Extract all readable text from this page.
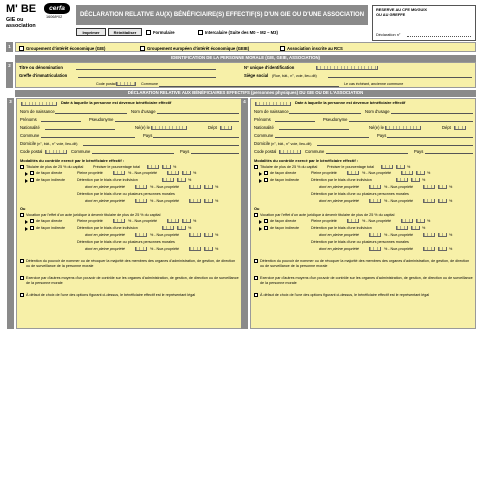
M' BE
GIE ou
association
cerfa
16068*02	DÉCLARATION RELATIVE AU(X) BÉNÉFICIAIRE(S) EFFECTIF(S) D'UN GIE OU D'UNE ASSOCIATION
RESERVE AU CFE M0/GUIX
OU AU GREFFE
Déclaration n°
Imprimer	Réinitialiser	Formulaire	Intercalaire (Suite des M0 – M2 – M3)
1	Groupement d'intérêt économique (GIE)	Groupement européen d'intérêt économique (GEIE)	Association inscrite au RCS
IDENTIFICATION DE LA PERSONNE MORALE (GIE, GEIE, ASSOCIATION)
2	Titre ou dénomination	N° unique d'identification
Greffe d'immatriculation	Siège social (Rue, bât., n°, voie, lieu-dit)
Code postal	Commune	Le cas échéant, ancienne commune
DÉCLARATION RELATIVE AUX BÉNÉFICIAIRES EFFECTIFS (personnes physiques) DU GIE OU DE L'ASSOCIATION
3	Date à laquelle la personne est devenue bénéficiaire effectif
Nom de naissance	Nom d'usage
Prénoms	Pseudonyme
Nationalité	Né(e) le	Dépt
Commune	Pays
Domicile (n°, bât., n° voie, lieu-dit)
Code postal	Commune	Pays
Modalités du contrôle exercé par le bénéficiaire effectif :
Titulaire de plus de 25 % du capital	Préciser le pourcentage total	%
de façon directe	Pleine propriété	% - Nue-propriété	%
de façon indirecte	Détention par le biais d'une indivision	%
dont en pleine propriété	% - Nue-propriété	%
Détention par le biais d'une ou plusieurs personnes morales
dont en pleine propriété	% - Nue-propriété	%
Ou
Vocation par l'effet d'un acte juridique à devenir titulaire de plus de 25 % du capital
de façon directe	Pleine propriété	% - Nue-propriété	%
de façon indirecte	Détention par le biais d'une indivision	%
dont en pleine propriété	% - Nue-propriété	%
Détention par le biais d'une ou plusieurs personnes morales
dont en pleine propriété	% - Nue-propriété	%
Détention du pouvoir de nommer ou de révoquer la majorité des membres des organes d'administration, de gestion, de direction ou de surveillance de la personne morale
Exercice par d'autres moyens d'un pouvoir de contrôle sur les organes d'administration, de gestion, de direction ou de surveillance de la personne morale
À défaut de choix de l'une des options figurant ci-dessus, le bénéficiaire effectif est le représentant légal
4	Date à laquelle la personne est devenue bénéficiaire effectif
Nom de naissance	Nom d'usage
Prénoms	Pseudonyme
Nationalité	Né(e) le	Dépt
Commune	Pays
Domicile (n°, bât., n° voie, lieu-dit)
Code postal	Commune	Pays
Modalités du contrôle exercé par le bénéficiaire effectif :
Titulaire de plus de 25 % du capital	Préciser le pourcentage total	%
de façon directe	Pleine propriété	% - Nue-propriété	%
de façon indirecte	Détention par le biais d'une indivision	%
dont en pleine propriété	% - Nue-propriété	%
Détention par le biais d'une ou plusieurs personnes morales
dont en pleine propriété	% - Nue-propriété	%
Ou
Vocation par l'effet d'un acte juridique à devenir titulaire de plus de 25 % du capital
de façon directe	Pleine propriété	% - Nue-propriété	%
de façon indirecte	Détention par le biais d'une indivision	%
dont en pleine propriété	% - Nue-propriété	%
Détention par le biais d'une ou plusieurs personnes morales
dont en pleine propriété	% - Nue-propriété	%
Détention du pouvoir de nommer ou de révoquer la majorité des membres des organes d'administration, de gestion, de direction ou de surveillance de la personne morale
Exercice par d'autres moyens d'un pouvoir de contrôle sur les organes d'administration, de gestion, de direction ou de surveillance de la personne morale
À défaut de choix de l'une des options figurant ci-dessus, le bénéficiaire effectif est le représentant légal
